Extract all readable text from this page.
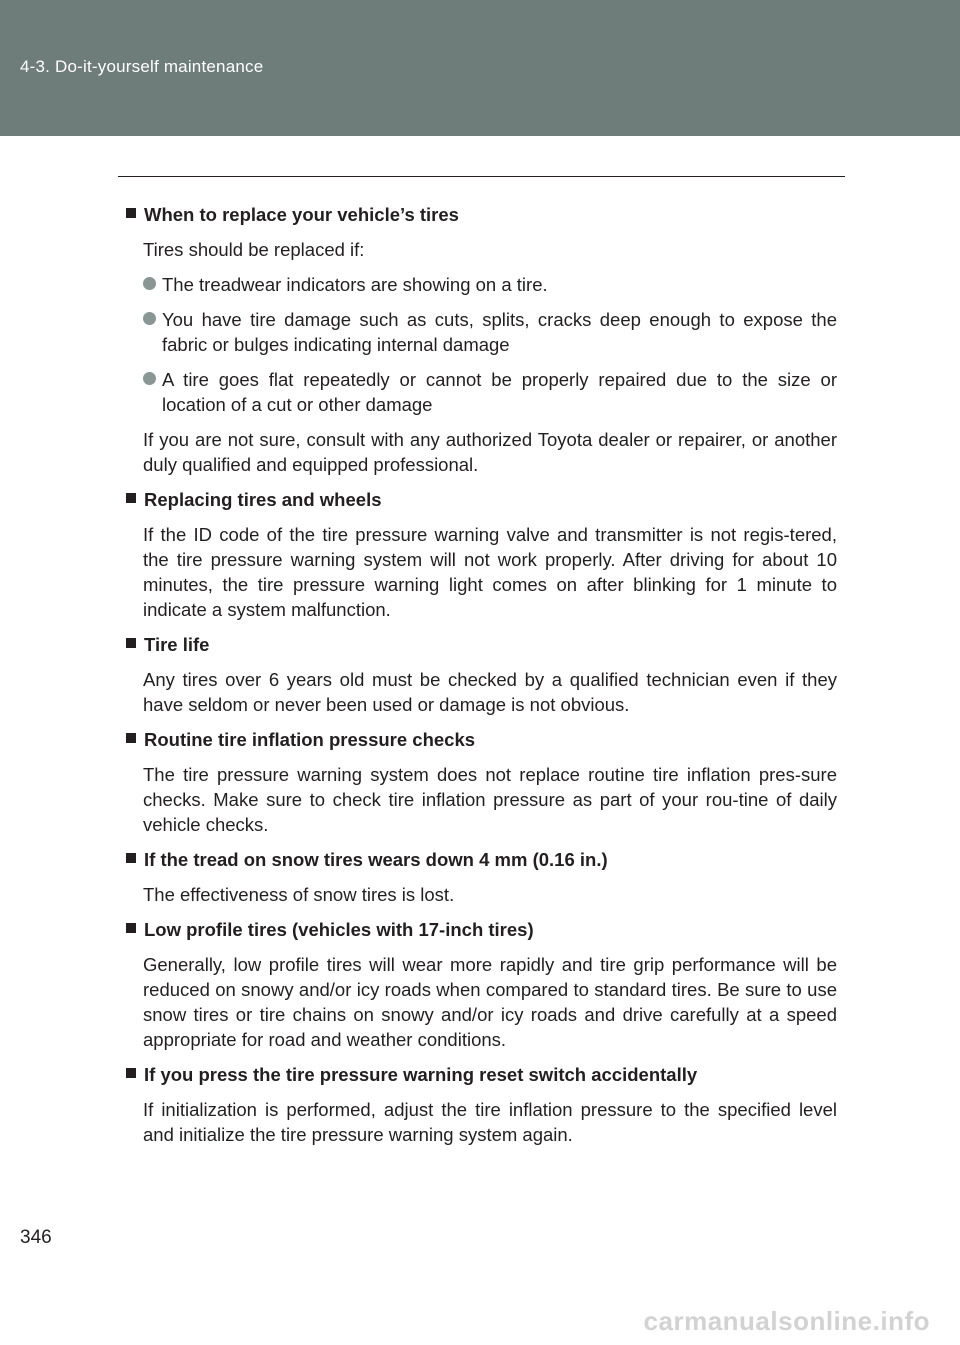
4-3. Do-it-yourself maintenance
When to replace your vehicle’s tires

Tires should be replaced if:

The treadwear indicators are showing on a tire.
You have tire damage such as cuts, splits, cracks deep enough to expose the fabric or bulges indicating internal damage
A tire goes flat repeatedly or cannot be properly repaired due to the size or location of a cut or other damage

If you are not sure, consult with any authorized Toyota dealer or repairer, or another duly qualified and equipped professional.

Replacing tires and wheels

If the ID code of the tire pressure warning valve and transmitter is not regis-tered, the tire pressure warning system will not work properly. After driving for about 10 minutes, the tire pressure warning light comes on after blinking for 1 minute to indicate a system malfunction.

Tire life

Any tires over 6 years old must be checked by a qualified technician even if they have seldom or never been used or damage is not obvious.

Routine tire inflation pressure checks

The tire pressure warning system does not replace routine tire inflation pres-sure checks. Make sure to check tire inflation pressure as part of your rou-tine of daily vehicle checks.

If the tread on snow tires wears down 4 mm (0.16 in.)

The effectiveness of snow tires is lost.

Low profile tires (vehicles with 17-inch tires)

Generally, low profile tires will wear more rapidly and tire grip performance will be reduced on snowy and/or icy roads when compared to standard tires. Be sure to use snow tires or tire chains on snowy and/or icy roads and drive carefully at a speed appropriate for road and weather conditions.

If you press the tire pressure warning reset switch accidentally

If initialization is performed, adjust the tire inflation pressure to the specified level and initialize the tire pressure warning system again.

346
carmanualsonline.info
